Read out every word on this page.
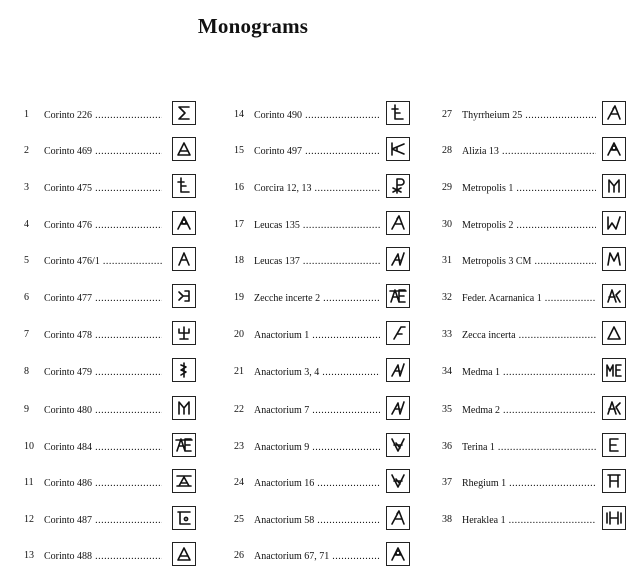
Monograms
1	Corinto 226 .....
2	Corinto 469 .....
3	Corinto 475 .....
4	Corinto 476 .....
5	Corinto 476/1 .....
6	Corinto 477 .....
7	Corinto 478 .....
8	Corinto 479 .....
9	Corinto 480 .....
10	Corinto 484 .....
11	Corinto 486 .....
12	Corinto 487 .....
13	Corinto 488 .....
14	Corinto 490 .....
15	Corinto 497 .....
16	Corcira 12, 13 .....
17	Leucas 135 .....
18	Leucas 137 .....
19	Zecche incerte 2 .....
20	Anactorium 1 .....
21	Anactorium 3, 4 .....
22	Anactorium 7 .....
23	Anactorium 9 .....
24	Anactorium 16 .....
25	Anactorium 58 .....
26	Anactorium 67, 71 .....
27	Thyrrheium 25 .....
28	Alizia 13 .....
29	Metropolis 1 .....
30	Metropolis 2 .....
31	Metropolis 3 CM .....
32	Feder. Acarnanica 1 .....
33	Zecca incerta .....
34	Medma 1 .....
35	Medma 2 .....
36	Terina 1 .....
37	Rhegium 1 .....
38	Heraklea 1 .....
